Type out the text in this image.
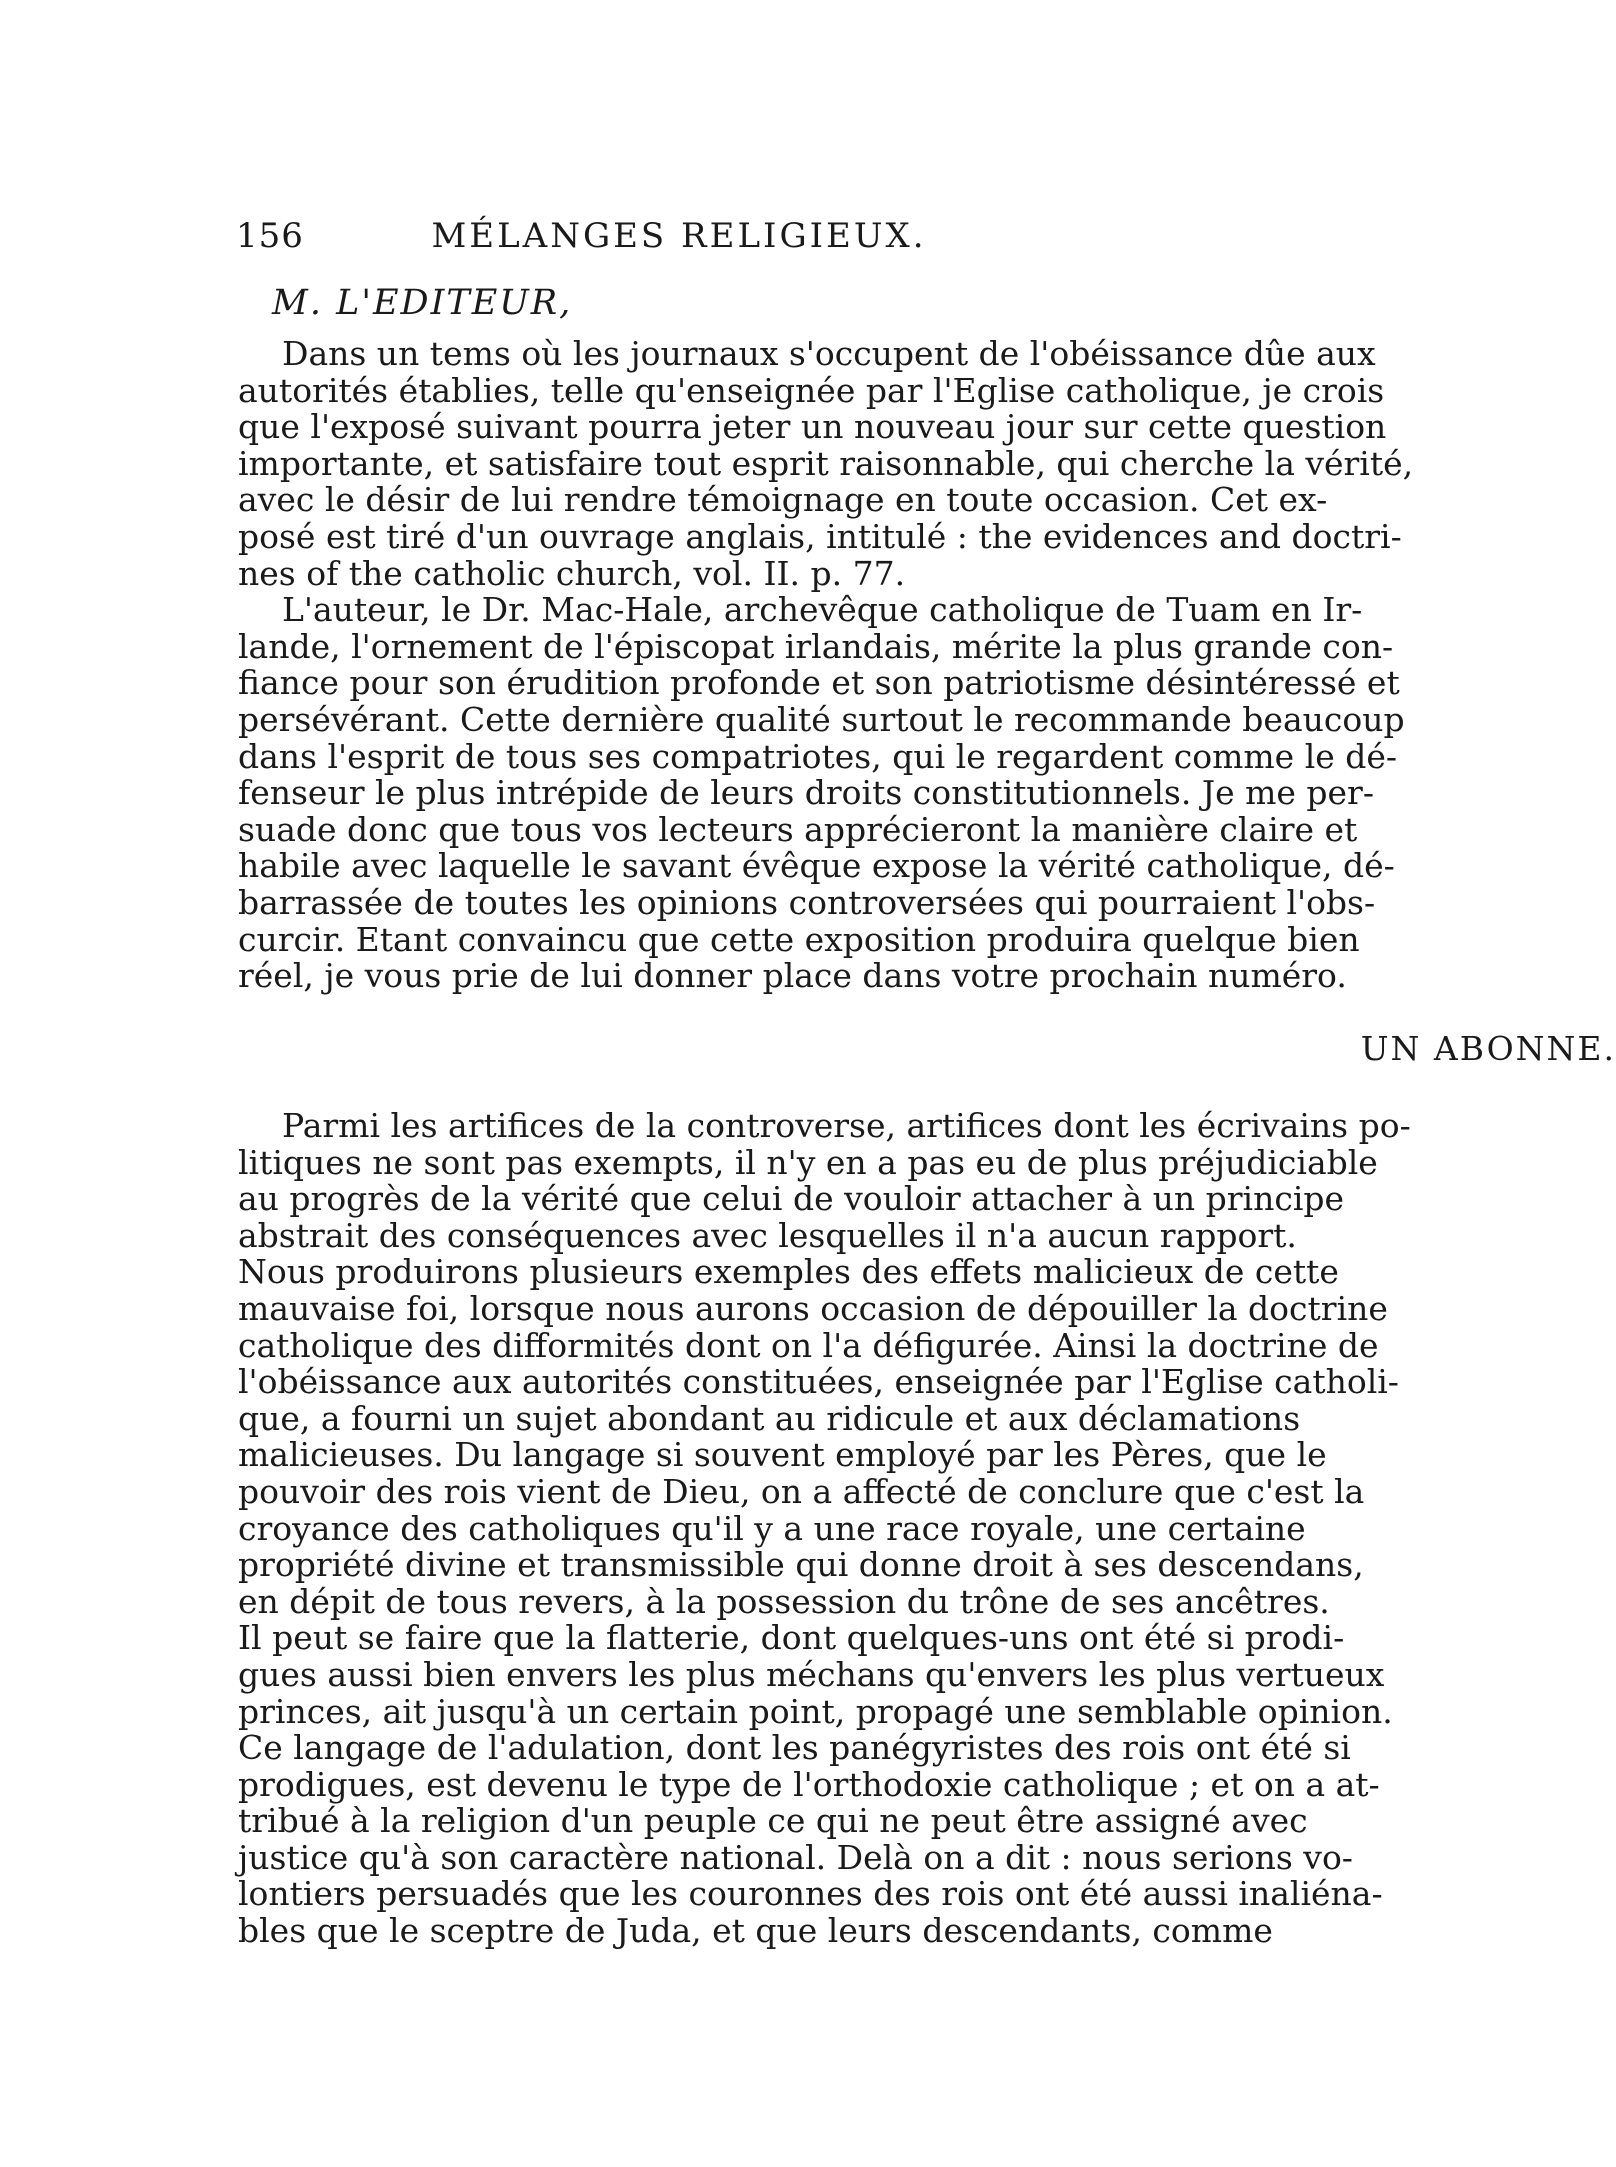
156	MÉLANGES RELIGIEUX.
M. L'EDITEUR,
Dans un tems où les journaux s'occupent de l'obéissance dûe aux
autorités établies, telle qu'enseignée par l'Eglise catholique, je crois
que l'exposé suivant pourra jeter un nouveau jour sur cette question
importante, et satisfaire tout esprit raisonnable, qui cherche la vérité,
avec le désir de lui rendre témoignage en toute occasion. Cet ex-
posé est tiré d'un ouvrage anglais, intitulé : the evidences and doctri-
nes of the catholic church, vol. II. p. 77.
L'auteur, le Dr. Mac-Hale, archevêque catholique de Tuam en Ir-
lande, l'ornement de l'épiscopat irlandais, mérite la plus grande con-
fiance pour son érudition profonde et son patriotisme désintéressé et
persévérant. Cette dernière qualité surtout le recommande beaucoup
dans l'esprit de tous ses compatriotes, qui le regardent comme le dé-
fenseur le plus intrépide de leurs droits constitutionnels. Je me per-
suade donc que tous vos lecteurs apprécieront la manière claire et
habile avec laquelle le savant évêque expose la vérité catholique, dé-
barrassée de toutes les opinions controversées qui pourraient l'obs-
curcir. Etant convaincu que cette exposition produira quelque bien
réel, je vous prie de lui donner place dans votre prochain numéro.
UN ABONNE.
Parmi les artifices de la controverse, artifices dont les écrivains po-
litiques ne sont pas exempts, il n'y en a pas eu de plus préjudiciable
au progrès de la vérité que celui de vouloir attacher à un principe
abstrait des conséquences avec lesquelles il n'a aucun rapport.
Nous produirons plusieurs exemples des effets malicieux de cette
mauvaise foi, lorsque nous aurons occasion de dépouiller la doctrine
catholique des difformités dont on l'a défigurée. Ainsi la doctrine de
l'obéissance aux autorités constituées, enseignée par l'Eglise catholi-
que, a fourni un sujet abondant au ridicule et aux déclamations
malicieuses. Du langage si souvent employé par les Pères, que le
pouvoir des rois vient de Dieu, on a affecté de conclure que c'est la
croyance des catholiques qu'il y a une race royale, une certaine
propriété divine et transmissible qui donne droit à ses descendans,
en dépit de tous revers, à la possession du trône de ses ancêtres.
Il peut se faire que la flatterie, dont quelques-uns ont été si prodi-
gues aussi bien envers les plus méchans qu'envers les plus vertueux
princes, ait jusqu'à un certain point, propagé une semblable opinion.
Ce langage de l'adulation, dont les panégyristes des rois ont été si
prodigues, est devenu le type de l'orthodoxie catholique ; et on a at-
tribué à la religion d'un peuple ce qui ne peut être assigné avec
justice qu'à son caractère national. Delà on a dit : nous serions vo-
lontiers persuadés que les couronnes des rois ont été aussi inaliéna-
bles que le sceptre de Juda, et que leurs descendants, comme
